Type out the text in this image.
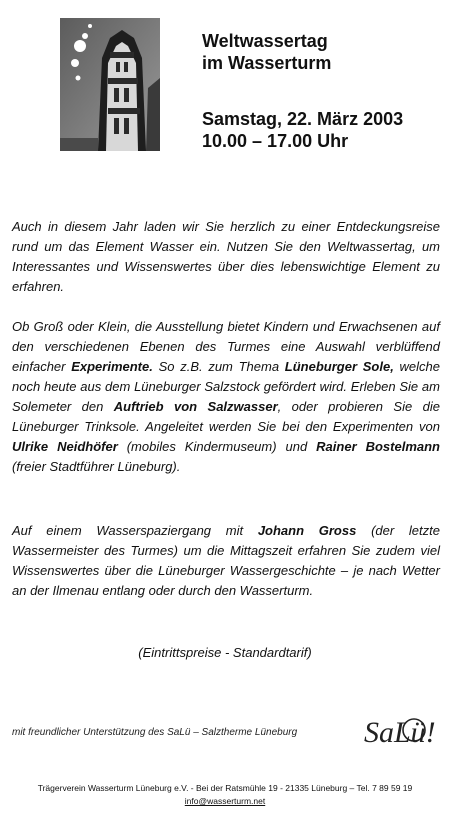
Weltwassertag
im Wasserturm
Samstag, 22. März 2003
10.00 – 17.00 Uhr
Auch in diesem Jahr laden wir Sie herzlich zu einer Entdeckungsreise rund um das Element Wasser ein. Nutzen Sie den Weltwassertag, um Interessantes und Wissenswertes über dies lebenswichtige Element zu erfahren.
Ob Groß oder Klein, die Ausstellung bietet Kindern und Erwachsenen auf den verschiedenen Ebenen des Turmes eine Auswahl verblüffend einfacher Experimente. So z.B. zum Thema Lüneburger Sole, welche noch heute aus dem Lüneburger Salzstock gefördert wird. Erleben Sie am Solemeter den Auftrieb von Salzwasser, oder probieren Sie die Lüneburger Trinksole. Angeleitet werden Sie bei den Experimenten von Ulrike Neidhöfer (mobiles Kindermuseum) und Rainer Bostelmann (freier Stadtführer Lüneburg).
Auf einem Wasserspaziergang mit Johann Gross (der letzte Wassermeister des Turmes) um die Mittagszeit erfahren Sie zudem viel Wissenswertes über die Lüneburger Wassergeschichte – je nach Wetter an der Ilmenau entlang oder durch den Wasserturm.
(Eintrittspreise - Standardtarif)
mit freundlicher Unterstützung des SaLü – Salztherme Lüneburg SaLü!
Trägerverein Wasserturm Lüneburg e.V. - Bei der Ratsmühle 19 - 21335 Lüneburg – Tel. 7 89 59 19
info@wasserturm.net
